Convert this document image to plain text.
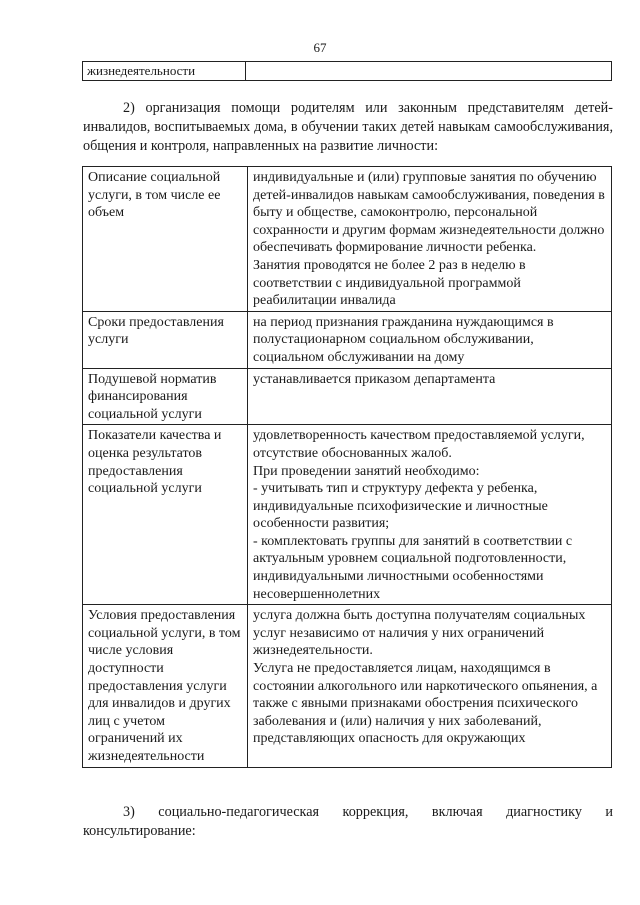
67
жизнедеятельности	

2) организация помощи родителям или законным представителям детей-инвалидов, воспитываемых дома, в обучении таких детей навыкам самообслуживания, общения и контроля, направленных на развитие личности:

Описание социальной услуги, в том числе ее объем	индивидуальные и (или) групповые занятия по обучению детей-инвалидов навыкам самообслуживания, поведения в быту и обществе, самоконтролю, персональной сохранности и другим формам жизнедеятельности должно обеспечивать формирование личности ребенка.

Занятия проводятся не более 2 раз в неделю в соответствии с индивидуальной программой реабилитации инвалида

Сроки предоставления услуги	на период признания гражданина нуждающимся в полустационарном социальном обслуживании, социальном обслуживании на дому

Подушевой норматив финансирования социальной услуги	устанавливается приказом департамента

Показатели качества и оценка результатов предоставления социальной услуги	удовлетворенность качеством предоставляемой услуги, отсутствие обоснованных жалоб.

При проведении занятий необходимо:

- учитывать тип и структуру дефекта у ребенка, индивидуальные психофизические и личностные особенности развития;

- комплектовать группы для занятий в соответствии с актуальным уровнем социальной подготовленности, индивидуальными личностными особенностями несовершеннолетних

Условия предоставления социальной услуги, в том числе условия доступности предоставления услуги для инвалидов и других лиц с учетом ограничений их жизнедеятельности	услуга должна быть доступна получателям социальных услуг независимо от наличия у них ограничений жизнедеятельности.

Услуга не предоставляется лицам, находящимся в состоянии алкогольного или наркотического опьянения, а также с явными признаками обострения психического заболевания и (или) наличия у них заболеваний, представляющих опасность для окружающих

3) социально-педагогическая коррекция, включая диагностику и

консультирование:
